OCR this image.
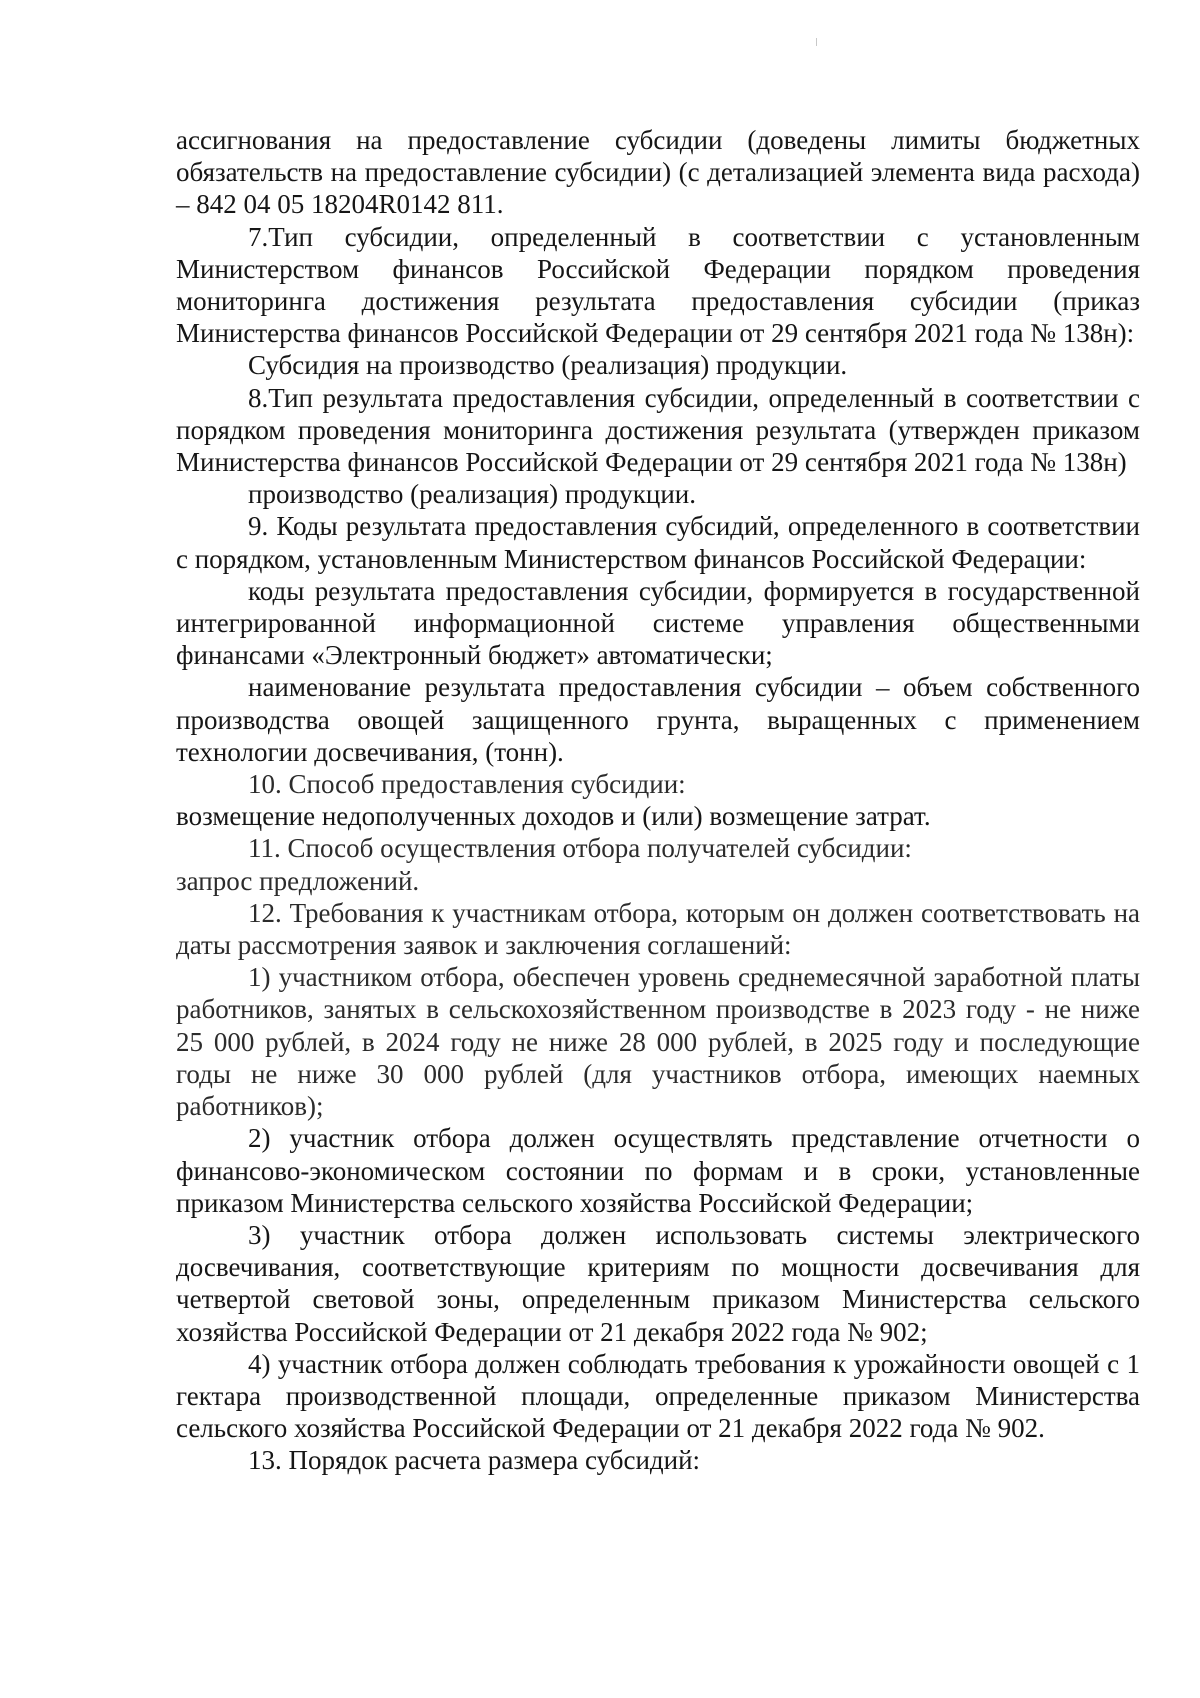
ассигнования на предоставление субсидии (доведены лимиты бюджетных обязательств на предоставление субсидии) (с детализацией элемента вида расхода) – 842 04 05 18204R0142 811.

7.Тип субсидии, определенный в соответствии с установленным Министерством финансов Российской Федерации порядком проведения мониторинга достижения результата предоставления субсидии (приказ Министерства финансов Российской Федерации от 29 сентября 2021 года № 138н):

Субсидия на производство (реализация) продукции.

8.Тип результата предоставления субсидии, определенный в соответствии с порядком проведения мониторинга достижения результата (утвержден приказом Министерства финансов Российской Федерации от 29 сентября 2021 года № 138н)

производство (реализация) продукции.

9. Коды результата предоставления субсидий, определенного в соответствии с порядком, установленным Министерством финансов Российской Федерации:

коды результата предоставления субсидии, формируется в государственной интегрированной информационной системе управления общественными финансами «Электронный бюджет» автоматически;

наименование результата предоставления субсидии – объем собственного производства овощей защищенного грунта, выращенных с применением технологии досвечивания, (тонн).

10. Способ предоставления субсидии:

возмещение недополученных доходов и (или) возмещение затрат.

11. Способ осуществления отбора получателей субсидии:

запрос предложений.

12. Требования к участникам отбора, которым он должен соответствовать на даты рассмотрения заявок и заключения соглашений:

1) участником отбора, обеспечен уровень среднемесячной заработной платы работников, занятых в сельскохозяйственном производстве в 2023 году - не ниже 25 000 рублей, в 2024 году не ниже 28 000 рублей, в 2025 году и последующие годы не ниже 30 000 рублей (для участников отбора, имеющих наемных работников);

2) участник отбора должен осуществлять представление отчетности о финансово-экономическом состоянии по формам и в сроки, установленные приказом Министерства сельского хозяйства Российской Федерации;

3) участник отбора должен использовать системы электрического досвечивания, соответствующие критериям по мощности досвечивания для четвертой световой зоны, определенным приказом Министерства сельского хозяйства Российской Федерации от 21 декабря 2022 года № 902;

4) участник отбора должен соблюдать требования к урожайности овощей с 1 гектара производственной площади, определенные приказом Министерства сельского хозяйства Российской Федерации от 21 декабря 2022 года № 902.

13. Порядок расчета размера субсидий:
